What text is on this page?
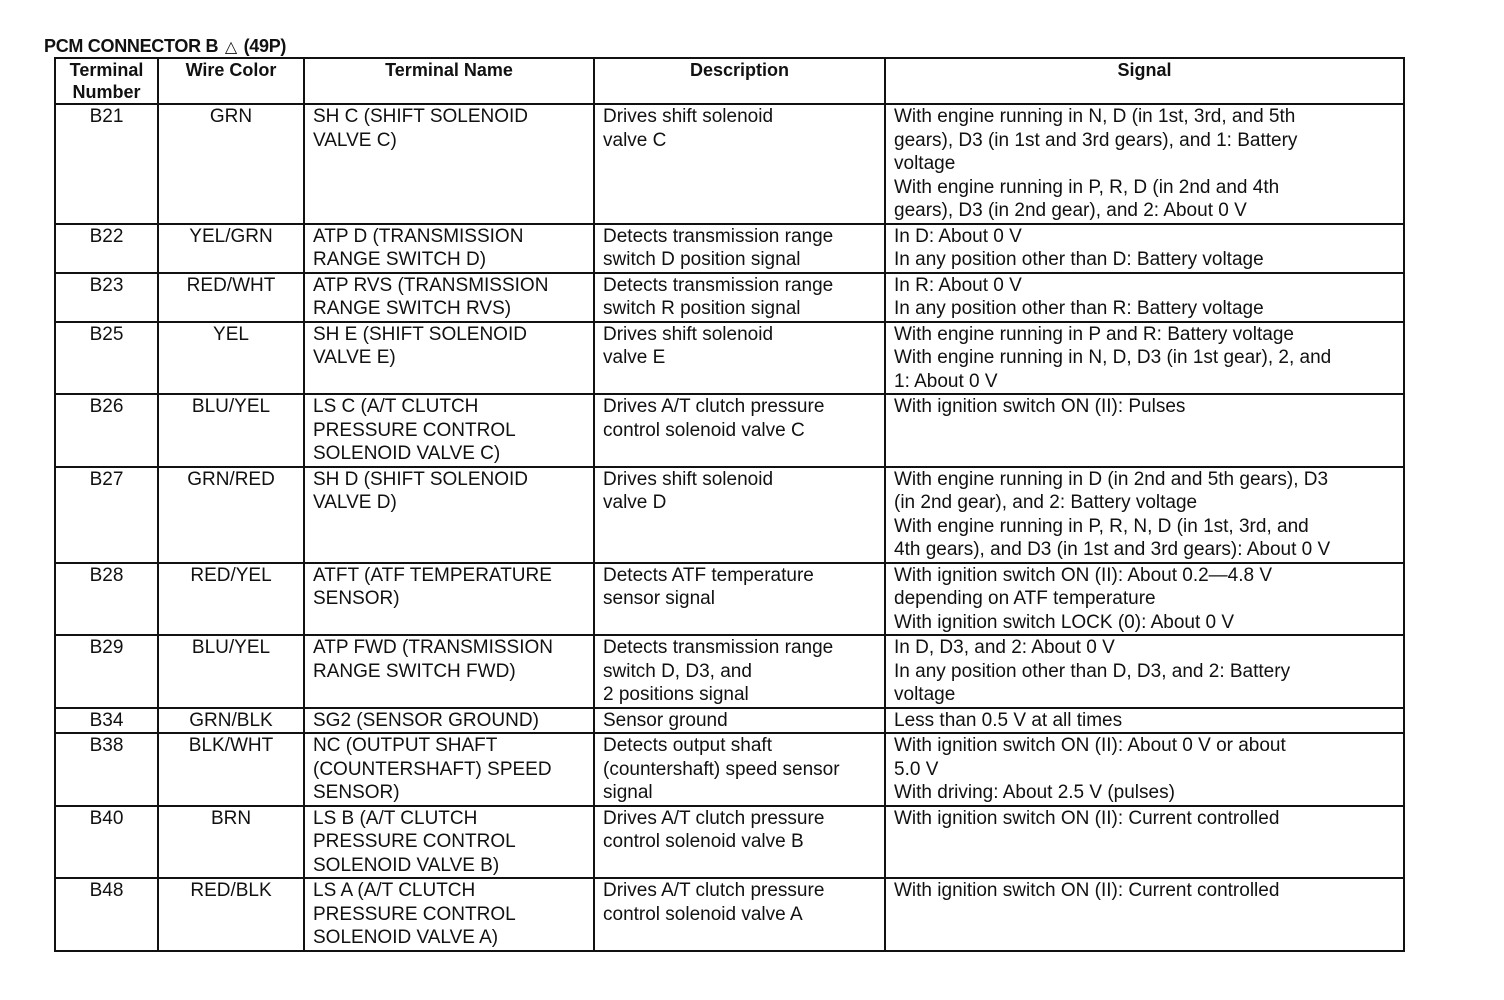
PCM CONNECTOR B △ (49P)
Terminal Number	Wire Color	Terminal Name	Description	Signal
B21	GRN	SH C (SHIFT SOLENOID
VALVE C)	Drives shift solenoid
valve C	With engine running in N, D (in 1st, 3rd, and 5th
gears), D3 (in 1st and 3rd gears), and 1: Battery
voltage
With engine running in P, R, D (in 2nd and 4th
gears), D3 (in 2nd gear), and 2: About 0 V

B22	YEL/GRN	ATP D (TRANSMISSION
RANGE SWITCH D)	Detects transmission range
switch D position signal	In D: About 0 V
In any position other than D: Battery voltage

B23	RED/WHT	ATP RVS (TRANSMISSION
RANGE SWITCH RVS)	Detects transmission range
switch R position signal	In R: About 0 V
In any position other than R: Battery voltage

B25	YEL	SH E (SHIFT SOLENOID
VALVE E)	Drives shift solenoid
valve E	With engine running in P and R: Battery voltage
With engine running in N, D, D3 (in 1st gear), 2, and
1: About 0 V

B26	BLU/YEL	LS C (A/T CLUTCH
PRESSURE CONTROL
SOLENOID VALVE C)	Drives A/T clutch pressure
control solenoid valve C	With ignition switch ON (II): Pulses

B27	GRN/RED	SH D (SHIFT SOLENOID
VALVE D)	Drives shift solenoid
valve D	With engine running in D (in 2nd and 5th gears), D3
(in 2nd gear), and 2: Battery voltage
With engine running in P, R, N, D (in 1st, 3rd, and
4th gears), and D3 (in 1st and 3rd gears): About 0 V

B28	RED/YEL	ATFT (ATF TEMPERATURE
SENSOR)	Detects ATF temperature
sensor signal	With ignition switch ON (II): About 0.2—4.8 V
depending on ATF temperature
With ignition switch LOCK (0): About 0 V

B29	BLU/YEL	ATP FWD (TRANSMISSION
RANGE SWITCH FWD)	Detects transmission range
switch D, D3, and
2 positions signal	In D, D3, and 2: About 0 V
In any position other than D, D3, and 2: Battery
voltage

B34	GRN/BLK	SG2 (SENSOR GROUND)	Sensor ground	Less than 0.5 V at all times

B38	BLK/WHT	NC (OUTPUT SHAFT
(COUNTERSHAFT) SPEED
SENSOR)	Detects output shaft
(countershaft) speed sensor
signal	With ignition switch ON (II): About 0 V or about
5.0 V
With driving: About 2.5 V (pulses)

B40	BRN	LS B (A/T CLUTCH
PRESSURE CONTROL
SOLENOID VALVE B)	Drives A/T clutch pressure
control solenoid valve B	With ignition switch ON (II): Current controlled

B48	RED/BLK	LS A (A/T CLUTCH
PRESSURE CONTROL
SOLENOID VALVE A)	Drives A/T clutch pressure
control solenoid valve A	With ignition switch ON (II): Current controlled
